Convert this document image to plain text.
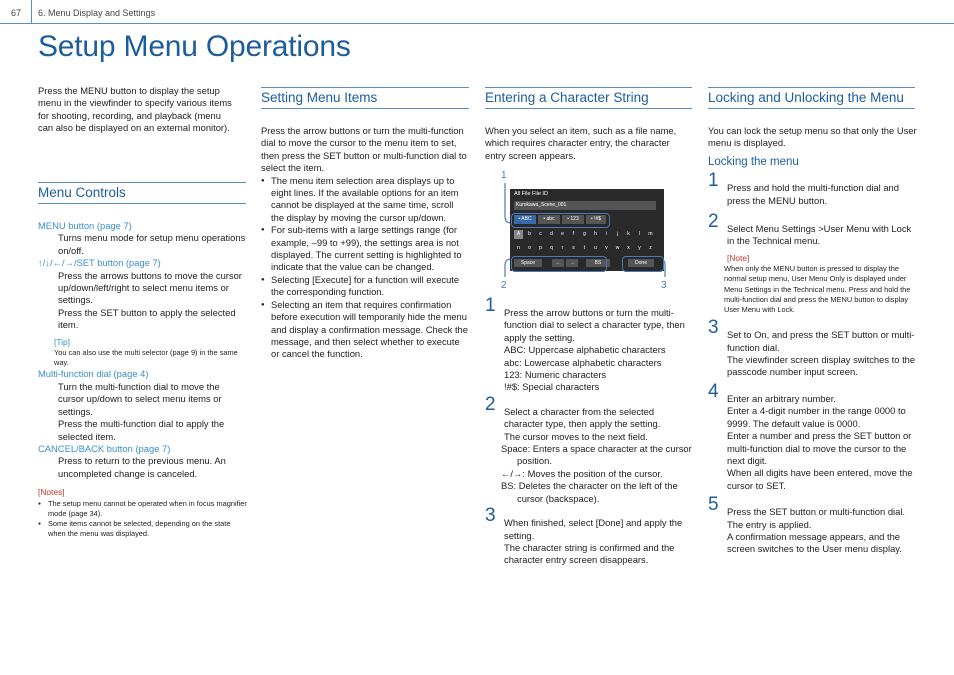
67 6. Menu Display and Settings
Setup Menu Operations
Press the MENU button to display the setup menu in the viewfinder to specify various items for shooting, recording, and playback (menu can also be displayed on an external monitor).
Menu Controls
MENU button (page 7)
Turns menu mode for setup menu operations on/off.
↑/↓/←/→/SET button (page 7)
Press the arrows buttons to move the cursor up/down/left/right to select menu items or settings.
Press the SET button to apply the selected item.
[Tip]
You can also use the multi selector (page 9) in the same way.
Multi-function dial (page 4)
Turn the multi-function dial to move the cursor up/down to select menu items or settings.
Press the multi-function dial to apply the selected item.
CANCEL/BACK button (page 7)
Press to return to the previous menu. An uncompleted change is canceled.
[Notes]
● The setup menu cannot be operated when in focus magnifier mode (page 34).
● Some items cannot be selected, depending on the state when the menu was displayed.
Setting Menu Items
Press the arrow buttons or turn the multi-function dial to move the cursor to the menu item to set, then press the SET button or multi-function dial to select the item.
● The menu item selection area displays up to eight lines. If the available options for an item cannot be displayed at the same time, scroll the display by moving the cursor up/down.
● For sub-items with a large settings range (for example, –99 to +99), the settings area is not displayed. The current setting is highlighted to indicate that the value can be changed.
● Selecting [Execute] for a function will execute the corresponding function.
● Selecting an item that requires confirmation before execution will temporarily hide the menu and display a confirmation message. Check the message, and then select whether to execute or cancel the function.
Entering a Character String
When you select an item, such as a file name, which requires character entry, the character entry screen appears.
1
2	3
All File File ID
Kurokawa_Scene_001
• ABC	• abc	• 123	• !#$
A	b	c	d	e	f	g	h	i	j	k	l	m
n	o	p	q	r	s	t	u	v	w	x	y	z
Space	←	→	BS	Done
1 Press the arrow buttons or turn the multi-function dial to select a character type, then apply the setting.
ABC: Uppercase alphabetic characters
abc: Lowercase alphabetic characters
123: Numeric characters
!#$: Special characters
2 Select a character from the selected character type, then apply the setting.
The cursor moves to the next field.
Space: Enters a space character at the cursor position.
←/→: Moves the position of the cursor.
BS: Deletes the character on the left of the cursor (backspace).
3 When finished, select [Done] and apply the setting.
The character string is confirmed and the character entry screen disappears.
Locking and Unlocking the Menu
You can lock the setup menu so that only the User menu is displayed.
Locking the menu
1 Press and hold the multi-function dial and press the MENU button.
2 Select Menu Settings >User Menu with Lock in the Technical menu.
[Note]
When only the MENU button is pressed to display the normal setup menu, User Menu Only is displayed under Menu Settings in the Technical menu. Press and hold the multi-function dial and press the MENU button to display User Menu with Lock.
3 Set to On, and press the SET button or multi-function dial.
The viewfinder screen display switches to the passcode number input screen.
4 Enter an arbitrary number.
Enter a 4-digit number in the range 0000 to 9999. The default value is 0000.
Enter a number and press the SET button or multi-function dial to move the cursor to the next digit.
When all digits have been entered, move the cursor to SET.
5 Press the SET button or multi-function dial.
The entry is applied.
A confirmation message appears, and the screen switches to the User menu display.
